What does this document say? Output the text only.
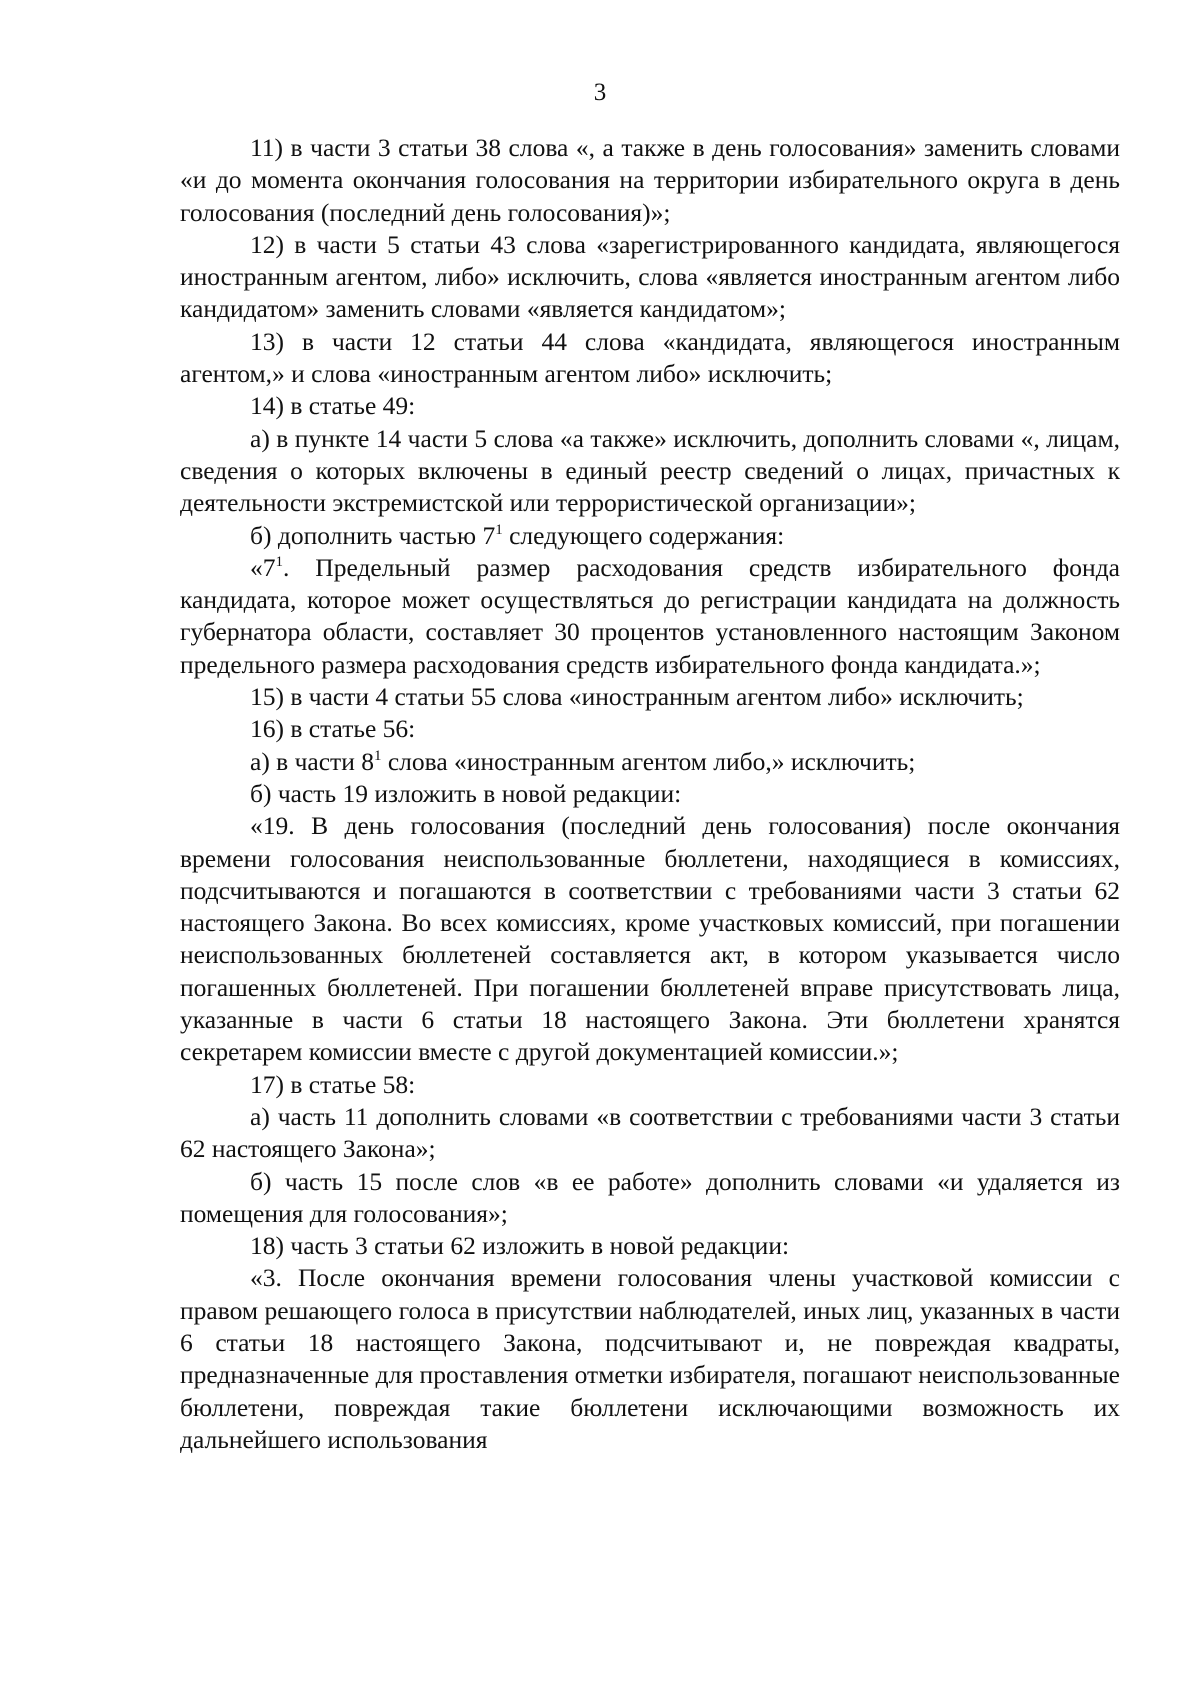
3

11) в части 3 статьи 38 слова «, а также в день голосования» заменить словами «и до момента окончания голосования на территории избирательного округа в день голосования (последний день голосования)»;

12) в части 5 статьи 43 слова «зарегистрированного кандидата, являющегося иностранным агентом, либо» исключить, слова «является иностранным агентом либо кандидатом» заменить словами «является кандидатом»;

13) в части 12 статьи 44 слова «кандидата, являющегося иностранным агентом,» и слова «иностранным агентом либо» исключить;

14) в статье 49:

а) в пункте 14 части 5 слова «а также» исключить, дополнить словами «, лицам, сведения о которых включены в единый реестр сведений о лицах, причастных к деятельности экстремистской или террористической организации»;

б) дополнить частью $7^1$ следующего содержания:

«$7^1$. Предельный размер расходования средств избирательного фонда кандидата, которое может осуществляться до регистрации кандидата на должность губернатора области, составляет 30 процентов установленного настоящим Законом предельного размера расходования средств избирательного фонда кандидата.»;

15) в части 4 статьи 55 слова «иностранным агентом либо» исключить;

16) в статье 56:

а) в части $8^1$ слова «иностранным агентом либо,» исключить;

б) часть 19 изложить в новой редакции:

«19. В день голосования (последний день голосования) после окончания времени голосования неиспользованные бюллетени, находящиеся в комиссиях, подсчитываются и погашаются в соответствии с требованиями части 3 статьи 62 настоящего Закона. Во всех комиссиях, кроме участковых комиссий, при погашении неиспользованных бюллетеней составляется акт, в котором указывается число погашенных бюллетеней. При погашении бюллетеней вправе присутствовать лица, указанные в части 6 статьи 18 настоящего Закона. Эти бюллетени хранятся секретарем комиссии вместе с другой документацией комиссии.»;

17) в статье 58:

а) часть 11 дополнить словами «в соответствии с требованиями части 3 статьи 62 настоящего Закона»;

б) часть 15 после слов «в ее работе» дополнить словами «и удаляется из помещения для голосования»;

18) часть 3 статьи 62 изложить в новой редакции:

«3. После окончания времени голосования члены участковой комиссии с правом решающего голоса в присутствии наблюдателей, иных лиц, указанных в части 6 статьи 18 настоящего Закона, подсчитывают и, не повреждая квадраты, предназначенные для проставления отметки избирателя, погашают неиспользованные бюллетени, повреждая такие бюллетени исключающими возможность их дальнейшего использования
